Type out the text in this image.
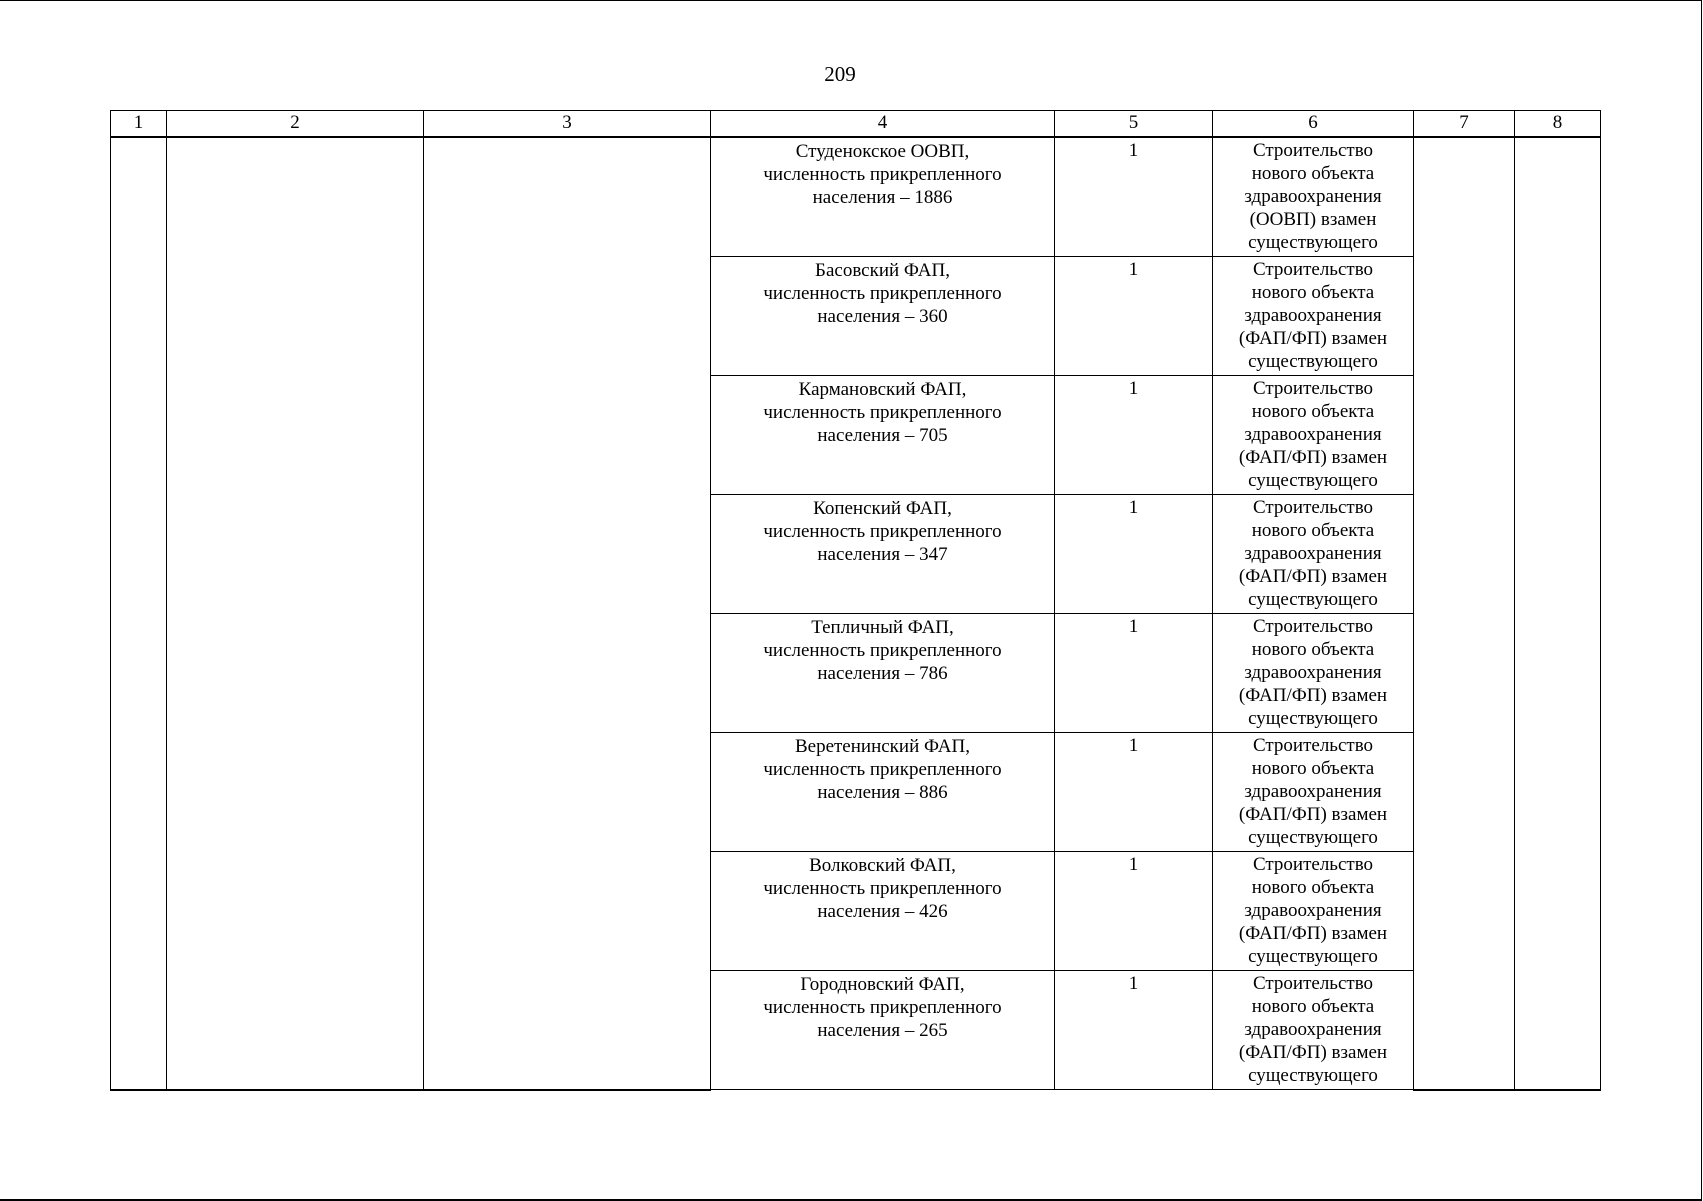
209
1	2	3	4	5	6	7	8

			Студенокское ООВП,
численность прикрепленного
населения – 1886	1	Строительство
нового объекта
здравоохранения
(ООВП) взамен
существующего		

			Басовский ФАП,
численность прикрепленного
населения – 360	1	Строительство
нового объекта
здравоохранения
(ФАП/ФП) взамен
существующего		

			Кармановский ФАП,
численность прикрепленного
населения – 705	1	Строительство
нового объекта
здравоохранения
(ФАП/ФП) взамен
существующего		

			Копенский ФАП,
численность прикрепленного
населения – 347	1	Строительство
нового объекта
здравоохранения
(ФАП/ФП) взамен
существующего		

			Тепличный ФАП,
численность прикрепленного
населения – 786	1	Строительство
нового объекта
здравоохранения
(ФАП/ФП) взамен
существующего		

			Веретенинский ФАП,
численность прикрепленного
населения – 886	1	Строительство
нового объекта
здравоохранения
(ФАП/ФП) взамен
существующего		

			Волковский ФАП,
численность прикрепленного
населения – 426	1	Строительство
нового объекта
здравоохранения
(ФАП/ФП) взамен
существующего		

			Городновский ФАП,
численность прикрепленного
населения – 265	1	Строительство
нового объекта
здравоохранения
(ФАП/ФП) взамен
существующего		
